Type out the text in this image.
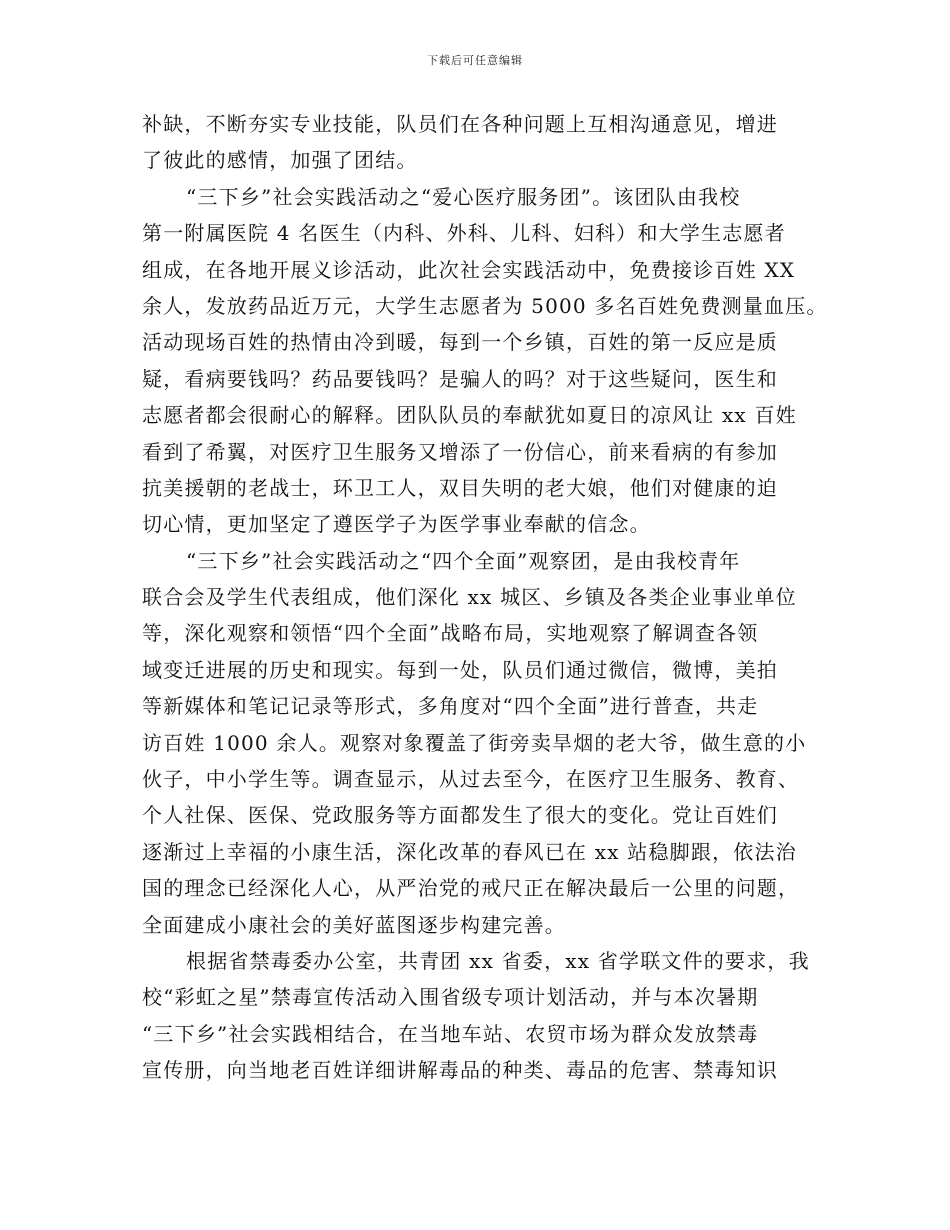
下载后可任意编辑
补缺，不断夯实专业技能，队员们在各种问题上互相沟通意见，增进
了彼此的感情，加强了团结。
“三下乡”社会实践活动之“爱心医疗服务团”。该团队由我校
第一附属医院 4 名医生（内科、外科、儿科、妇科）和大学生志愿者
组成，在各地开展义诊活动，此次社会实践活动中，免费接诊百姓 XX
余人，发放药品近万元，大学生志愿者为 5000 多名百姓免费测量血压。
活动现场百姓的热情由冷到暖，每到一个乡镇，百姓的第一反应是质
疑，看病要钱吗？药品要钱吗？是骗人的吗？对于这些疑问，医生和
志愿者都会很耐心的解释。团队队员的奉献犹如夏日的凉风让 xx 百姓
看到了希翼，对医疗卫生服务又增添了一份信心，前来看病的有参加
抗美援朝的老战士，环卫工人，双目失明的老大娘，他们对健康的迫
切心情，更加坚定了遵医学子为医学事业奉献的信念。
“三下乡”社会实践活动之“四个全面”观察团，是由我校青年
联合会及学生代表组成，他们深化 xx 城区、乡镇及各类企业事业单位
等，深化观察和领悟“四个全面”战略布局，实地观察了解调查各领
域变迁进展的历史和现实。每到一处，队员们通过微信，微博，美拍
等新媒体和笔记记录等形式，多角度对“四个全面”进行普查，共走
访百姓 1000 余人。观察对象覆盖了街旁卖旱烟的老大爷，做生意的小
伙子，中小学生等。调查显示，从过去至今，在医疗卫生服务、教育、
个人社保、医保、党政服务等方面都发生了很大的变化。党让百姓们
逐渐过上幸福的小康生活，深化改革的春风已在 xx 站稳脚跟，依法治
国的理念已经深化人心，从严治党的戒尺正在解决最后一公里的问题，
全面建成小康社会的美好蓝图逐步构建完善。
根据省禁毒委办公室，共青团 xx 省委，xx 省学联文件的要求，我
校“彩虹之星”禁毒宣传活动入围省级专项计划活动，并与本次暑期
“三下乡”社会实践相结合，在当地车站、农贸市场为群众发放禁毒
宣传册，向当地老百姓详细讲解毒品的种类、毒品的危害、禁毒知识
